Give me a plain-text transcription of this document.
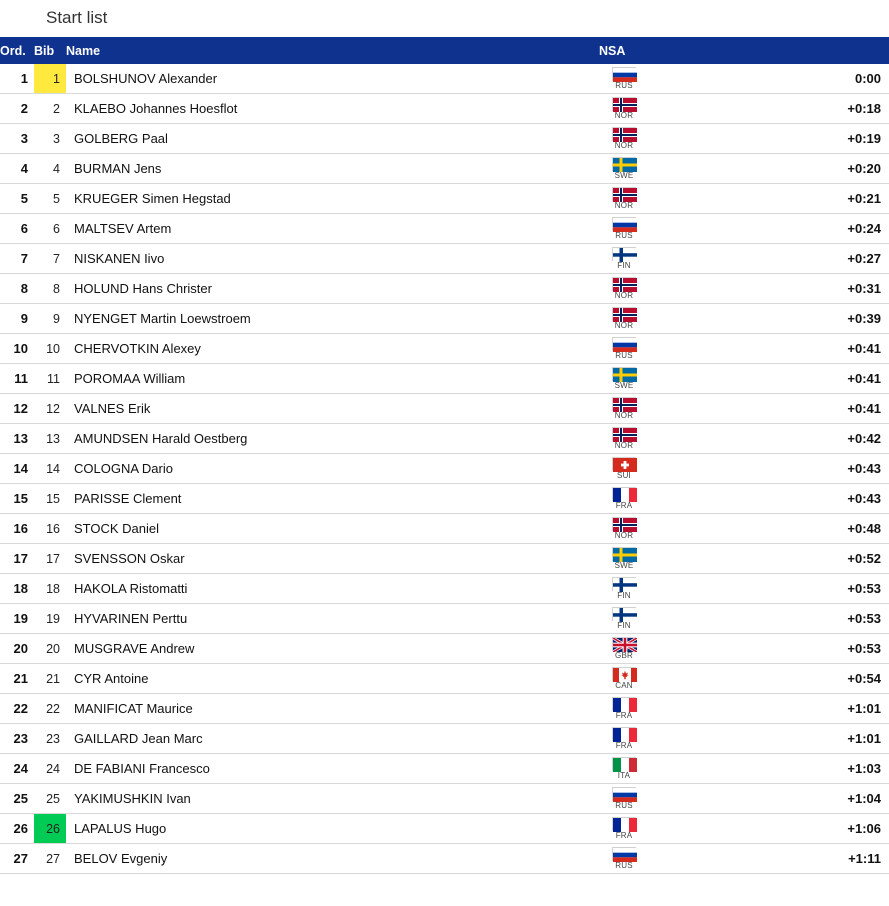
Start list
Ord.	Bib	Name	NSA	
1	1	BOLSHUNOV Alexander	RUS	0:00
2	2	KLAEBO Johannes Hoesflot	NOR	+0:18
3	3	GOLBERG Paal	NOR	+0:19
4	4	BURMAN Jens	SWE	+0:20
5	5	KRUEGER Simen Hegstad	NOR	+0:21
6	6	MALTSEV Artem	RUS	+0:24
7	7	NISKANEN Iivo	FIN	+0:27
8	8	HOLUND Hans Christer	NOR	+0:31
9	9	NYENGET Martin Loewstroem	NOR	+0:39
10	10	CHERVOTKIN Alexey	RUS	+0:41
11	11	POROMAA William	SWE	+0:41
12	12	VALNES Erik	NOR	+0:41
13	13	AMUNDSEN Harald Oestberg	NOR	+0:42
14	14	COLOGNA Dario	SUI	+0:43
15	15	PARISSE Clement	FRA	+0:43
16	16	STOCK Daniel	NOR	+0:48
17	17	SVENSSON Oskar	SWE	+0:52
18	18	HAKOLA Ristomatti	FIN	+0:53
19	19	HYVARINEN Perttu	FIN	+0:53
20	20	MUSGRAVE Andrew	GBR	+0:53
21	21	CYR Antoine	CAN	+0:54
22	22	MANIFICAT Maurice	FRA	+1:01
23	23	GAILLARD Jean Marc	FRA	+1:01
24	24	DE FABIANI Francesco	ITA	+1:03
25	25	YAKIMUSHKIN Ivan	RUS	+1:04
26	26	LAPALUS Hugo	FRA	+1:06
27	27	BELOV Evgeniy	RUS	+1:11
